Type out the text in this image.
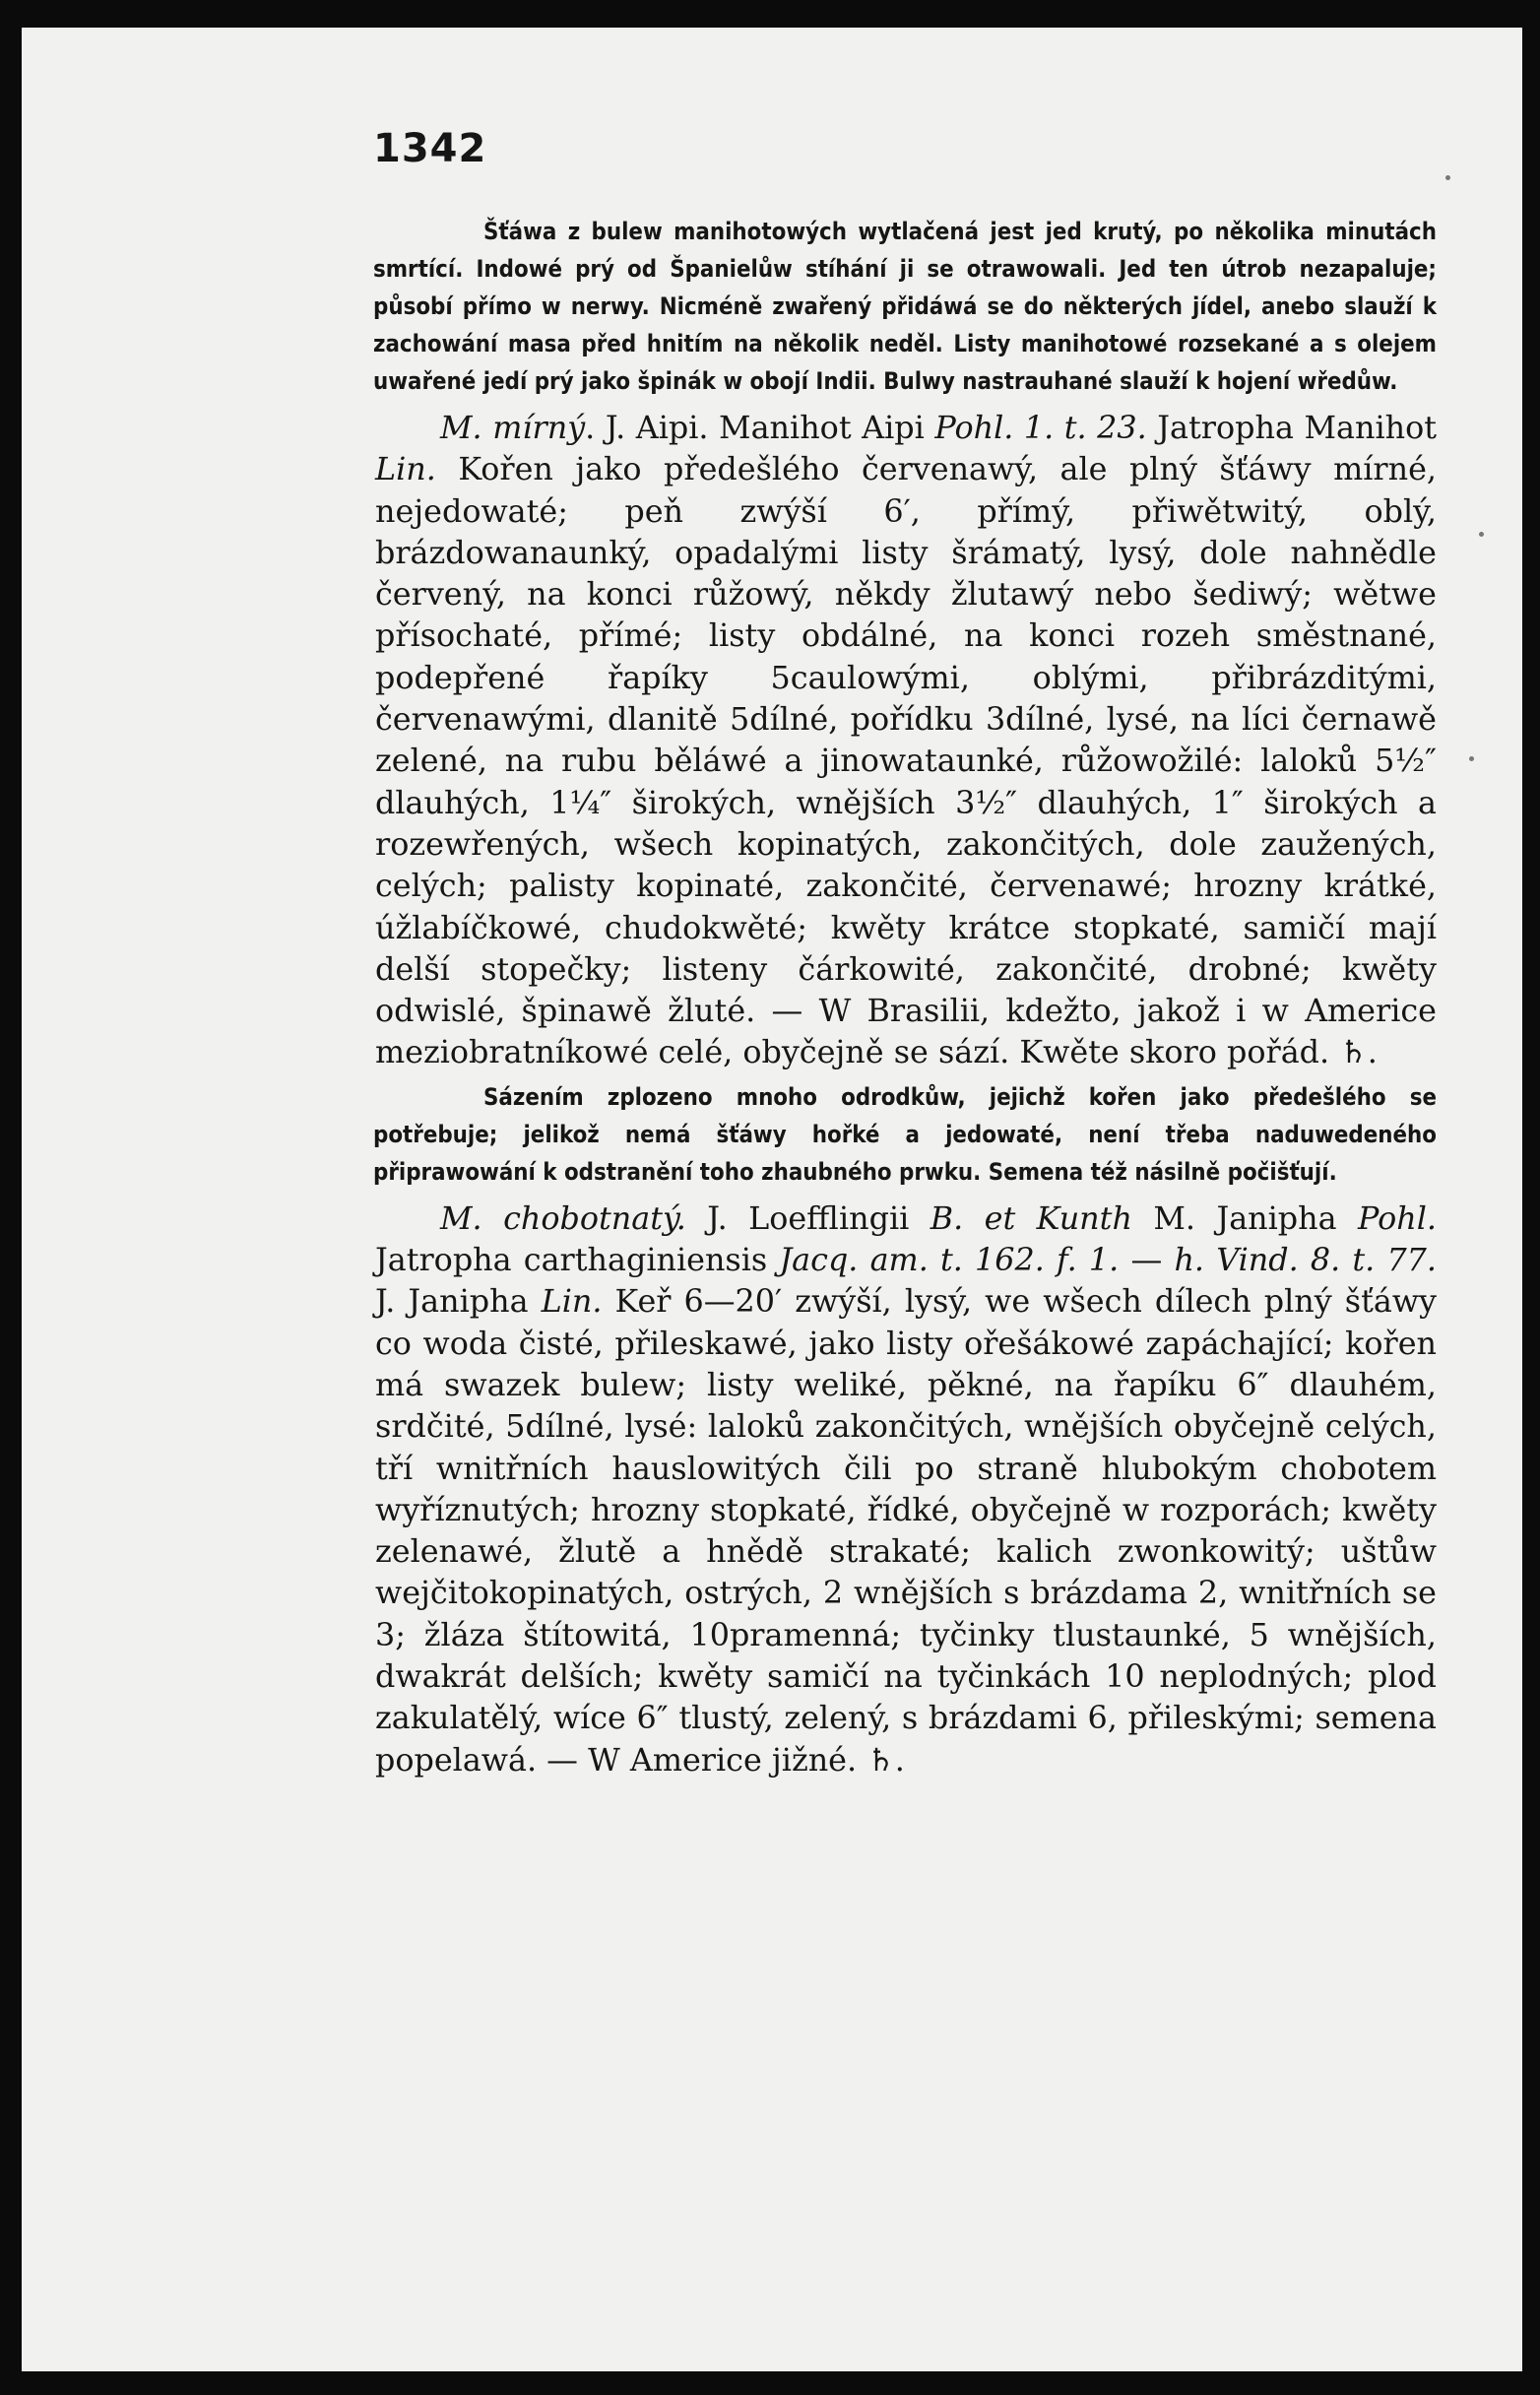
1342

Šťáwa z bulew manihotowých wytlačená jest jed krutý, po několika minutách smrtící. Indowé prý od Španielůw stíhání ji se otrawowali. Jed ten útrob nezapaluje; působí přímo w nerwy. Nicméně zwařený přidáwá se do některých jídel, anebo slauží k zachowání masa před hnitím na několik neděl. Listy manihotowé rozsekané a s olejem uwařené jedí prý jako špinák w obojí Indii. Bulwy nastrauhané slauží k hojení wředůw.

M. mírný. J. Aipi. Manihot Aipi Pohl. 1. t. 23. Jatropha Manihot Lin. Kořen jako předešlého červenawý, ale plný šťáwy mírné, nejedowaté; peň zwýší 6′, přímý, přiwětwitý, oblý, brázdowanaunký, opadalými listy šrámatý, lysý, dole nahnědle červený, na konci růžowý, někdy žlutawý nebo šediwý; wětwe přísochaté, přímé; listy obdálné, na konci rozeh směstnané, podepřené řapíky 5caulowými, oblými, přibrázditými, červenawými, dlanitě 5dílné, pořídku 3dílné, lysé, na líci černawě zelené, na rubu běláwé a jinowataunké, růžowožilé: laloků 5½″ dlauhých, 1¼″ širokých, wnějších 3½″ dlauhých, 1″ širokých a rozewřených, wšech kopinatých, zakončitých, dole zaužených, celých; palisty kopinaté, zakončité, červenawé; hrozny krátké, úžlabíčkowé, chudokwěté; kwěty krátce stopkaté, samičí mají delší stopečky; listeny čárkowité, zakončité, drobné; kwěty odwislé, špinawě žluté. — W Brasilii, kdežto, jakož i w Americe meziobratníkowé celé, obyčejně se sází. Kwěte skoro pořád. ♄.

Sázením zplozeno mnoho odrodkůw, jejichž kořen jako předešlého se potřebuje; jelikož nemá šťáwy hořké a jedowaté, není třeba naduwedeného připrawowání k odstranění toho zhaubného prwku. Semena též násilně počišťují.

M. chobotnatý. J. Loefflingii B. et Kunth M. Janipha Pohl. Jatropha carthaginiensis Jacq. am. t. 162. f. 1. — h. Vind. 8. t. 77. J. Janipha Lin. Keř 6—20′ zwýší, lysý, we wšech dílech plný šťáwy co woda čisté, přileskawé, jako listy ořešákowé zapáchající; kořen má swazek bulew; listy weliké, pěkné, na řapíku 6″ dlauhém, srdčité, 5dílné, lysé: laloků zakončitých, wnějších obyčejně celých, tří wnitřních hauslowitých čili po straně hlubokým chobotem wyříznutých; hrozny stopkaté, řídké, obyčejně w rozporách; kwěty zelenawé, žlutě a hnědě strakaté; kalich zwonkowitý; uštůw wejčitokopinatých, ostrých, 2 wnějších s brázdama 2, wnitřních se 3; žláza štítowitá, 10pramenná; tyčinky tlustaunké, 5 wnějších, dwakrát delších; kwěty samičí na tyčinkách 10 neplodných; plod zakulatělý, wíce 6″ tlustý, zelený, s brázdami 6, přileskými; semena popelawá. — W Americe jižné. ♄.
